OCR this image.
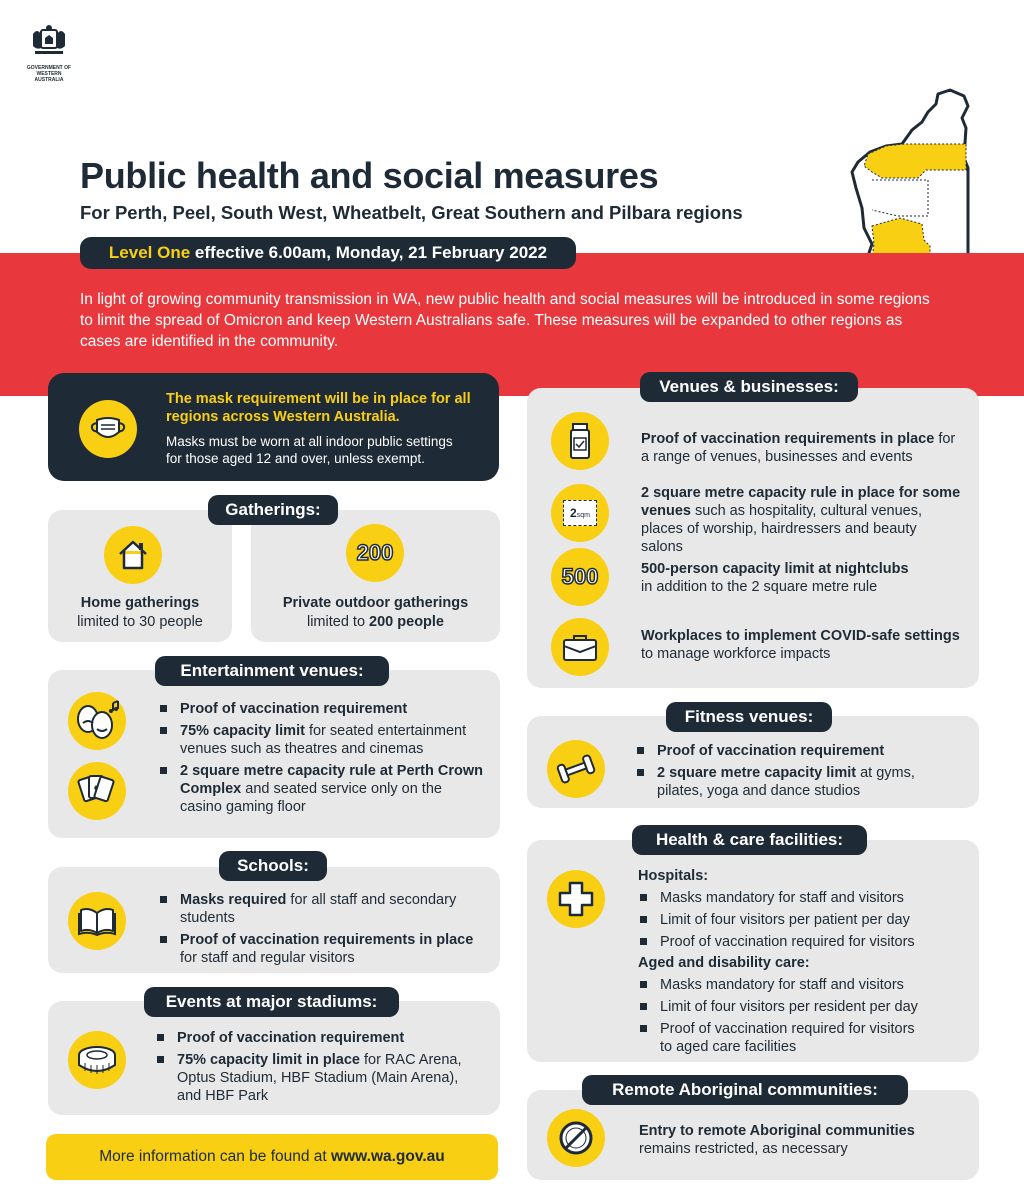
GOVERNMENT OF
WESTERN AUSTRALIA
Public health and social measures
For Perth, Peel, South West, Wheatbelt, Great Southern and Pilbara regions
Level One effective 6.00am, Monday, 21 February 2022

In light of growing community transmission in WA, new public health and social measures will be introduced in some regions to limit the spread of Omicron and keep Western Australians safe. These measures will be expanded to other regions as cases are identified in the community.

The mask requirement will be in place for all regions across Western Australia.
Masks must be worn at all indoor public settings for those aged 12 and over, unless exempt.
Home gatherings
limited to 30 people
200
Private outdoor gatherings
limited to 200 people
Gatherings:
Proof of vaccination requirement
75% capacity limit for seated entertainment venues such as theatres and cinemas
2 square metre capacity rule at Perth Crown Complex and seated service only on the casino gaming floor
Entertainment venues:
Masks required for all staff and secondary students
Proof of vaccination requirements in place for staff and regular visitors
Schools:
Proof of vaccination requirement
75% capacity limit in place for RAC Arena, Optus Stadium, HBF Stadium (Main Arena), and HBF Park
Events at major stadiums:
More information can be found at www.wa.gov.au
Proof of vaccination requirements in place for a range of venues, businesses and events
2sqm
2 square metre capacity rule in place for some venues such as hospitality, cultural venues, places of worship, hairdressers and beauty salons
500	500-person capacity limit at nightclubs
in addition to the 2 square metre rule
Workplaces to implement COVID-safe settings to manage workforce impacts
Venues & businesses:
Proof of vaccination requirement
2 square metre capacity limit at gyms, pilates, yoga and dance studios
Fitness venues:
Hospitals:
Masks mandatory for staff and visitors
Limit of four visitors per patient per day
Proof of vaccination required for visitors
Aged and disability care:
Masks mandatory for staff and visitors
Limit of four visitors per resident per day
Proof of vaccination required for visitors to aged care facilities
Health & care facilities:
Entry to remote Aboriginal communities
remains restricted, as necessary
Remote Aboriginal communities:
